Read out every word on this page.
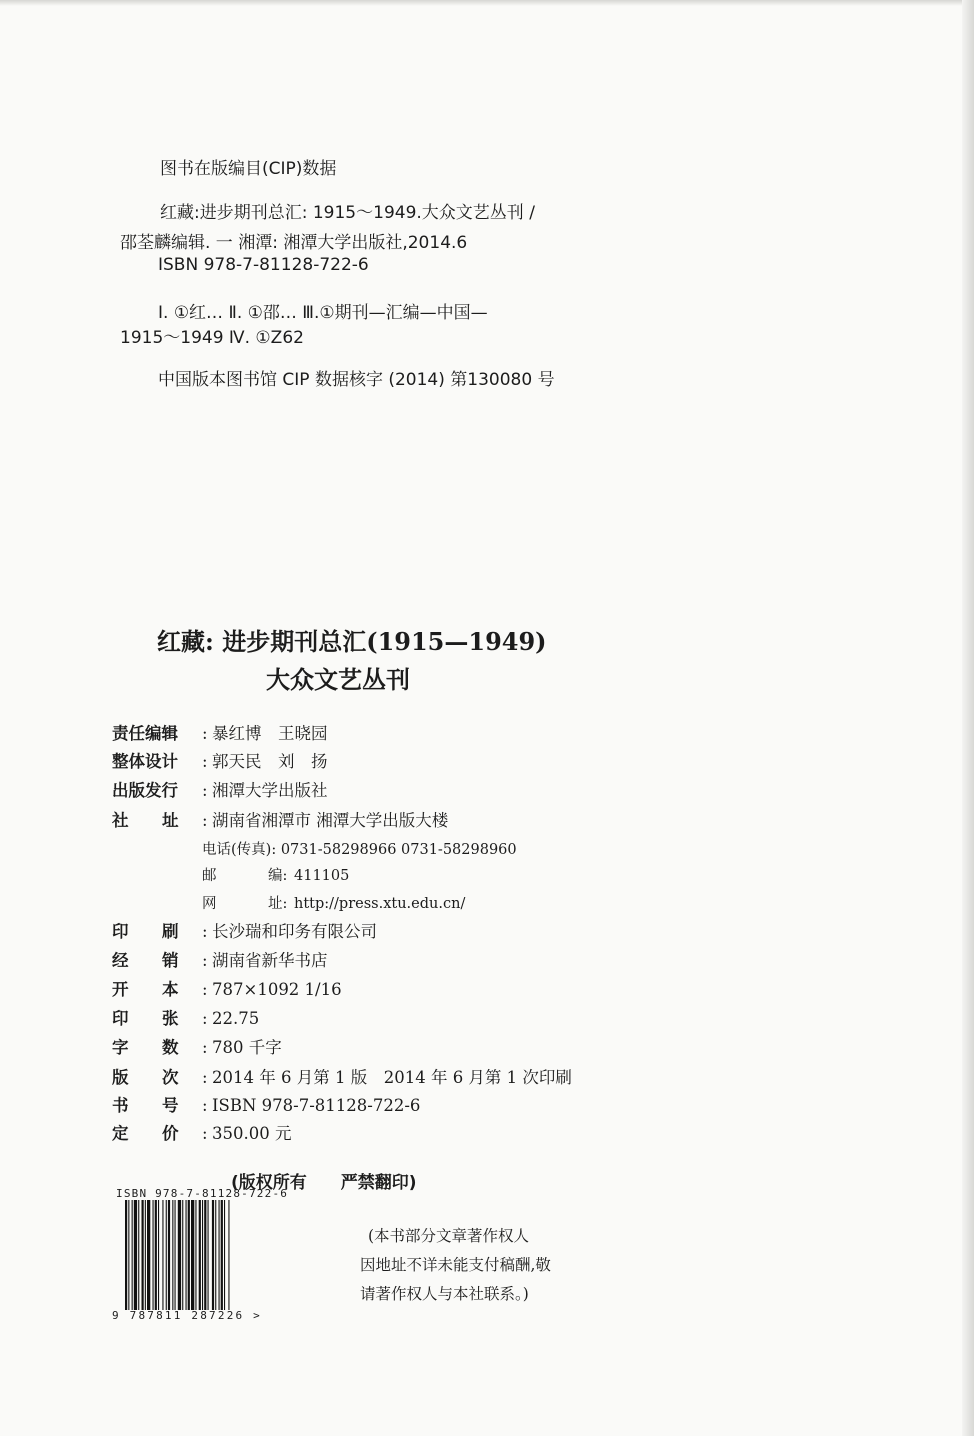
图书在版编目(CIP)数据
红藏:进步期刊总汇: 1915～1949.大众文艺丛刊 /
邵荃麟编辑. 一 湘潭: 湘潭大学出版社,2014.6
ISBN 978-7-81128-722-6
Ⅰ. ①红… Ⅱ. ①邵… Ⅲ.①期刊—汇编—中国—
1915～1949 Ⅳ. ①Z62
中国版本图书馆 CIP 数据核字 (2014) 第130080 号
红藏: 进步期刊总汇(1915—1949)
大众文艺丛刊
责任编辑 : 暴红博　王晓园
整体设计 : 郭天民　刘　扬
出版发行 : 湘潭大学出版社
社 址 : 湖南省湘潭市 湘潭大学出版大楼
电话(传真): 0731-58298966 0731-58298960
邮	编: 411105
网	址: http://press.xtu.edu.cn/
印 刷 : 长沙瑞和印务有限公司
经 销 : 湖南省新华书店
开 本 : 787×1092 1/16
印 张 : 22.75
字 数 : 780 千字
版 次 : 2014 年 6 月第 1 版　2014 年 6 月第 1 次印刷
书 号 : ISBN 978-7-81128-722-6
定 价 : 350.00 元
(版权所有　　严禁翻印)
ISBN 978-7-81128-722-6
9 787811 287226 >
(本书部分文章著作权人
因地址不详未能支付稿酬,敬
请著作权人与本社联系。)
